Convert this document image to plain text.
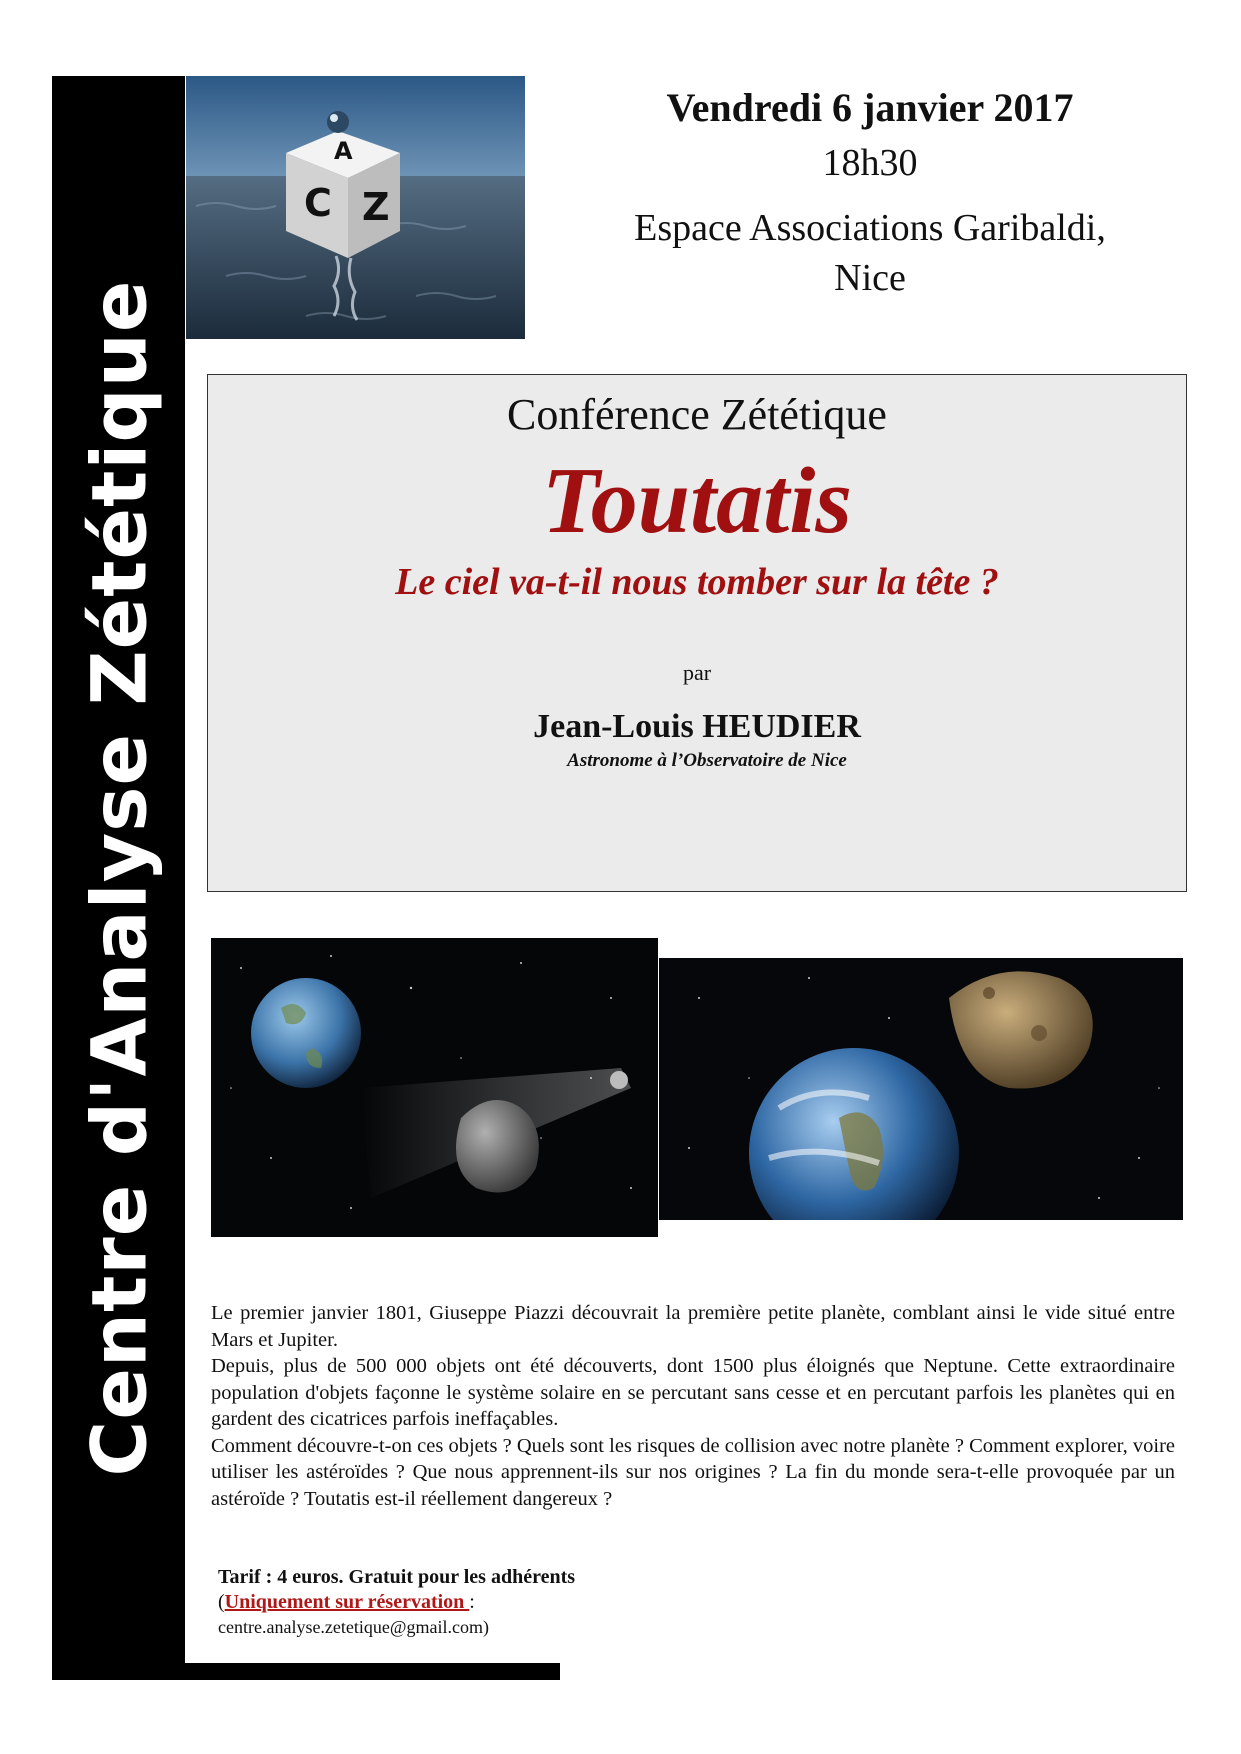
Centre d'Analyse Zététique
A
C Z
Vendredi 6 janvier 2017
18h30
Espace Associations Garibaldi,
Nice
Conférence Zététique
Toutatis
Le ciel va-t-il nous tomber sur la tête ?
par
Jean-Louis HEUDIER
Astronome à l’Observatoire de Nice

Le premier janvier 1801, Giuseppe Piazzi découvrait la première petite planète, comblant ainsi le vide situé entre Mars et Jupiter.

Depuis, plus de 500 000 objets ont été découverts, dont 1500 plus éloignés que Neptune. Cette extraordinaire population d'objets façonne le système solaire en se percutant sans cesse et en percutant parfois les planètes qui en gardent des cicatrices parfois ineffaçables.

Comment découvre-t-on ces objets ? Quels sont les risques de collision avec notre planète ? Comment explorer, voire utiliser les astéroïdes ? Que nous apprennent-ils sur nos origines ? La fin du monde sera-t-elle provoquée par un astéroïde ? Toutatis est-il réellement dangereux ?

Tarif : 4 euros. Gratuit pour les adhérents
(Uniquement sur réservation :
centre.analyse.zetetique@gmail.com)
